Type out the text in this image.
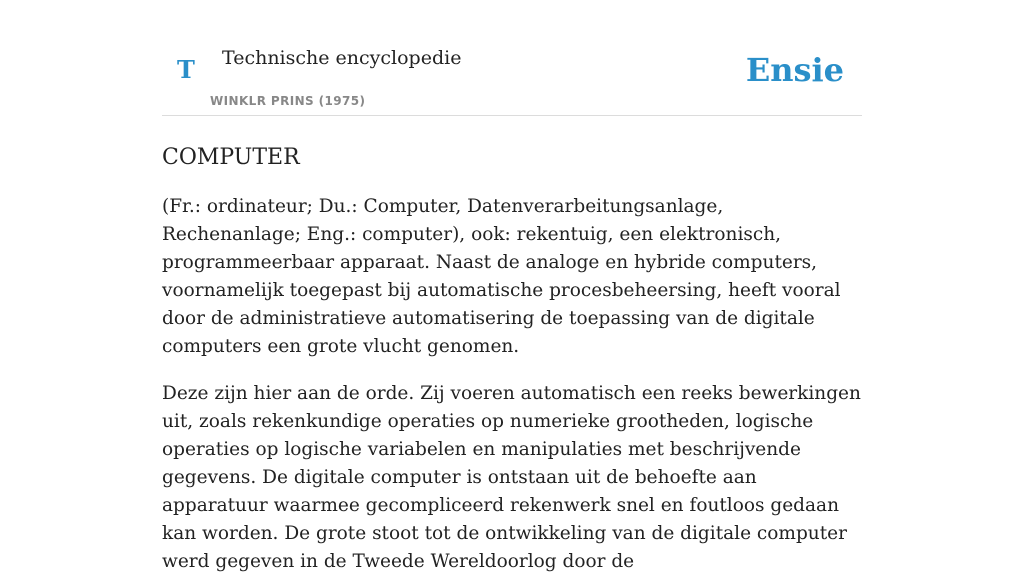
T Technische encyclopedie
WINKLR PRINS (1975)
Ensie
COMPUTER

(Fr.: ordinateur; Du.: Computer, Datenverarbeitungsanlage, Rechenanlage; Eng.: computer), ook: rekentuig, een elektronisch, programmeerbaar apparaat. Naast de analoge en hybride computers, voornamelijk toegepast bij automatische procesbeheersing, heeft vooral door de administratieve automatisering de toepassing van de digitale computers een grote vlucht genomen.

Deze zijn hier aan de orde. Zij voeren automatisch een reeks bewerkingen uit, zoals rekenkundige operaties op numerieke grootheden, logische operaties op logische variabelen en manipulaties met beschrijvende gegevens. De digitale computer is ontstaan uit de behoefte aan apparatuur waarmee gecompliceerd rekenwerk snel en foutloos gedaan kan worden. De grote stoot tot de ontwikkeling van de digitale computer werd gegeven in de Tweede Wereldoorlog door de
